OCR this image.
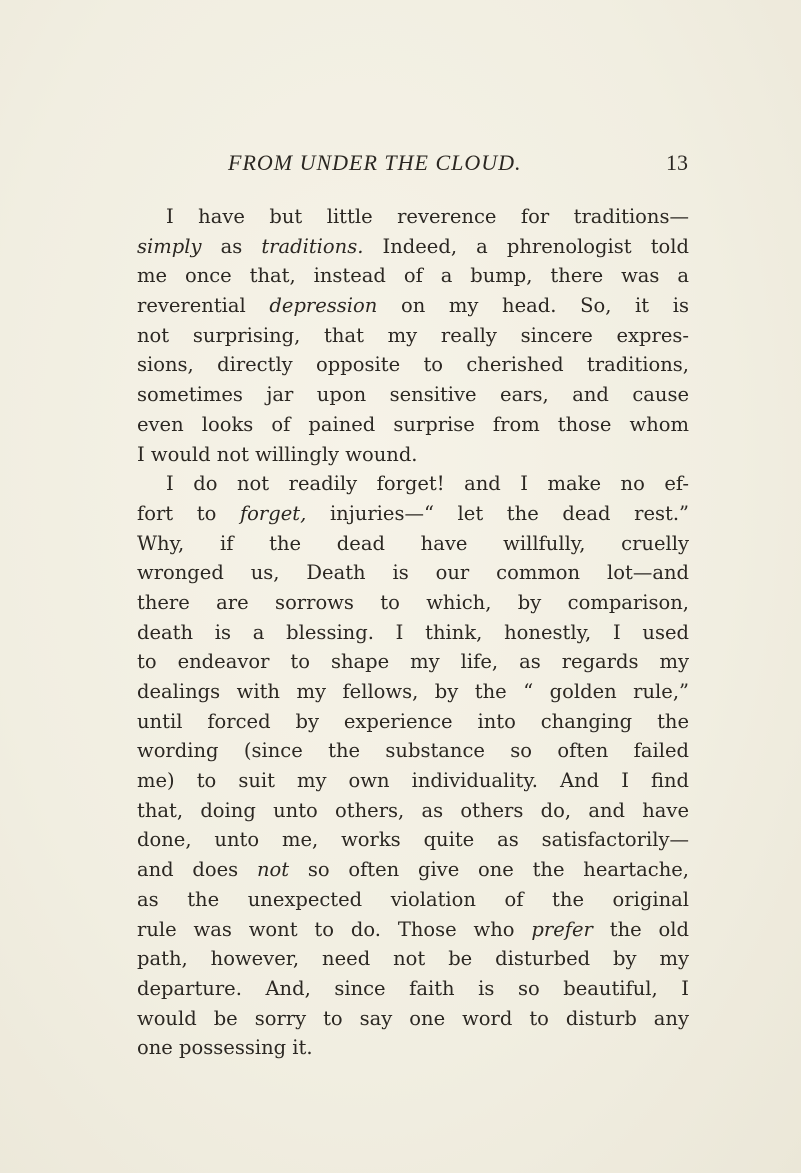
FROM UNDER THE CLOUD.	13
I have but little reverence for traditions—
simply as traditions. Indeed, a phrenologist told
me once that, instead of a bump, there was a
reverential depression on my head. So, it is
not surprising, that my really sincere expres-
sions, directly opposite to cherished traditions,
sometimes jar upon sensitive ears, and cause
even looks of pained surprise from those whom
I would not willingly wound.
I do not readily forget! and I make no ef-
fort to forget, injuries—“ let the dead rest.”
Why, if the dead have willfully, cruelly
wronged us, Death is our common lot—and
there are sorrows to which, by comparison,
death is a blessing. I think, honestly, I used
to endeavor to shape my life, as regards my
dealings with my fellows, by the “ golden rule,”
until forced by experience into changing the
wording (since the substance so often failed
me) to suit my own individuality. And I find
that, doing unto others, as others do, and have
done, unto me, works quite as satisfactorily—
and does not so often give one the heartache,
as the unexpected violation of the original
rule was wont to do. Those who prefer the old
path, however, need not be disturbed by my
departure. And, since faith is so beautiful, I
would be sorry to say one word to disturb any
one possessing it.
